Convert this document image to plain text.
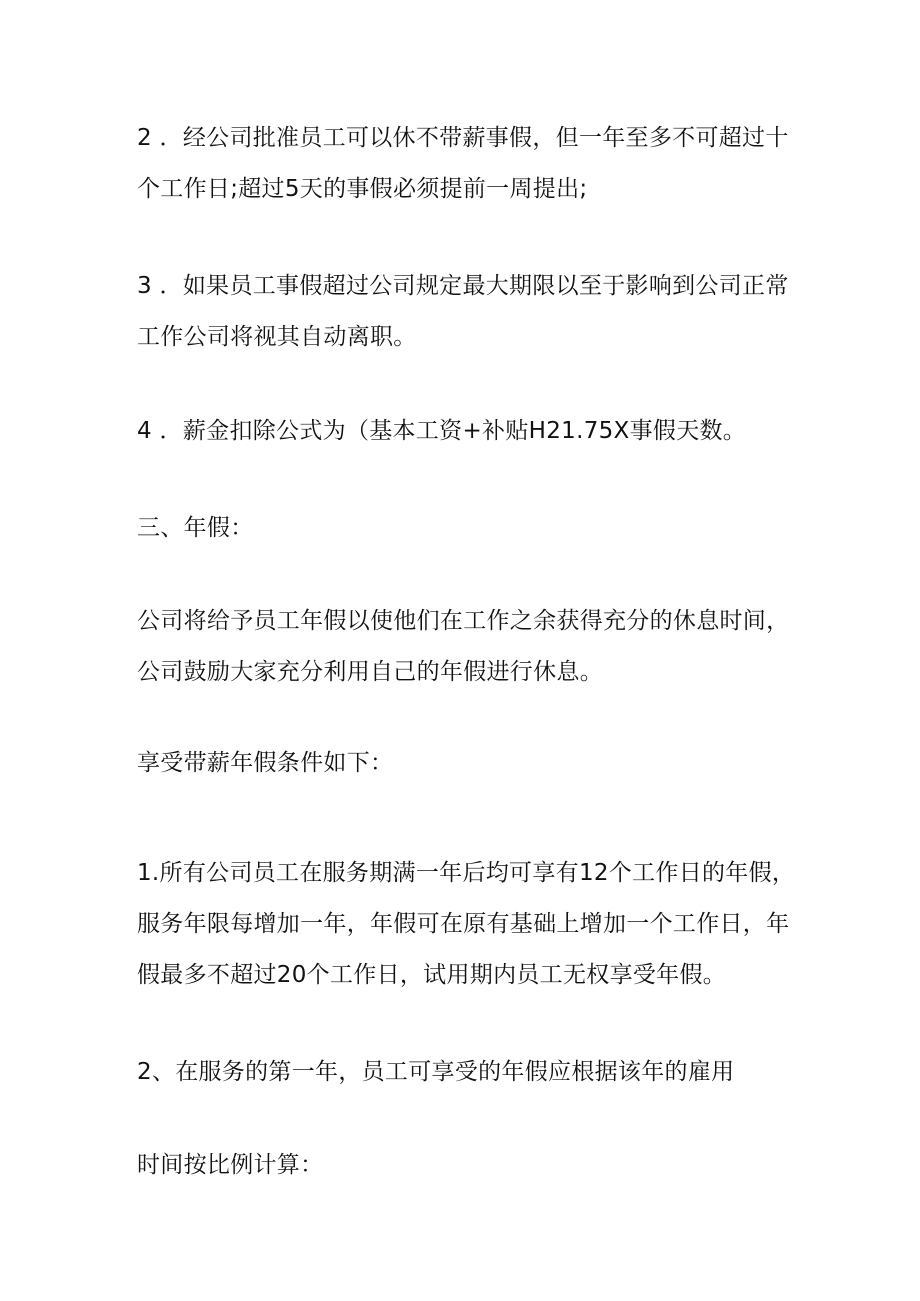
2 ．经公司批准员工可以休不带薪事假，但一年至多不可超过十
个工作日;超过5天的事假必须提前一周提出;
3 ．如果员工事假超过公司规定最大期限以至于影响到公司正常
工作公司将视其自动离职。
4 ．薪金扣除公式为（基本工资+补贴H21.75X事假天数。
三、年假：
公司将给予员工年假以使他们在工作之余获得充分的休息时间，
公司鼓励大家充分利用自己的年假进行休息。
享受带薪年假条件如下：
1.所有公司员工在服务期满一年后均可享有12个工作日的年假，
服务年限每增加一年，年假可在原有基础上增加一个工作日，年
假最多不超过20个工作日，试用期内员工无权享受年假。
2、在服务的第一年，员工可享受的年假应根据该年的雇用
时间按比例计算：
